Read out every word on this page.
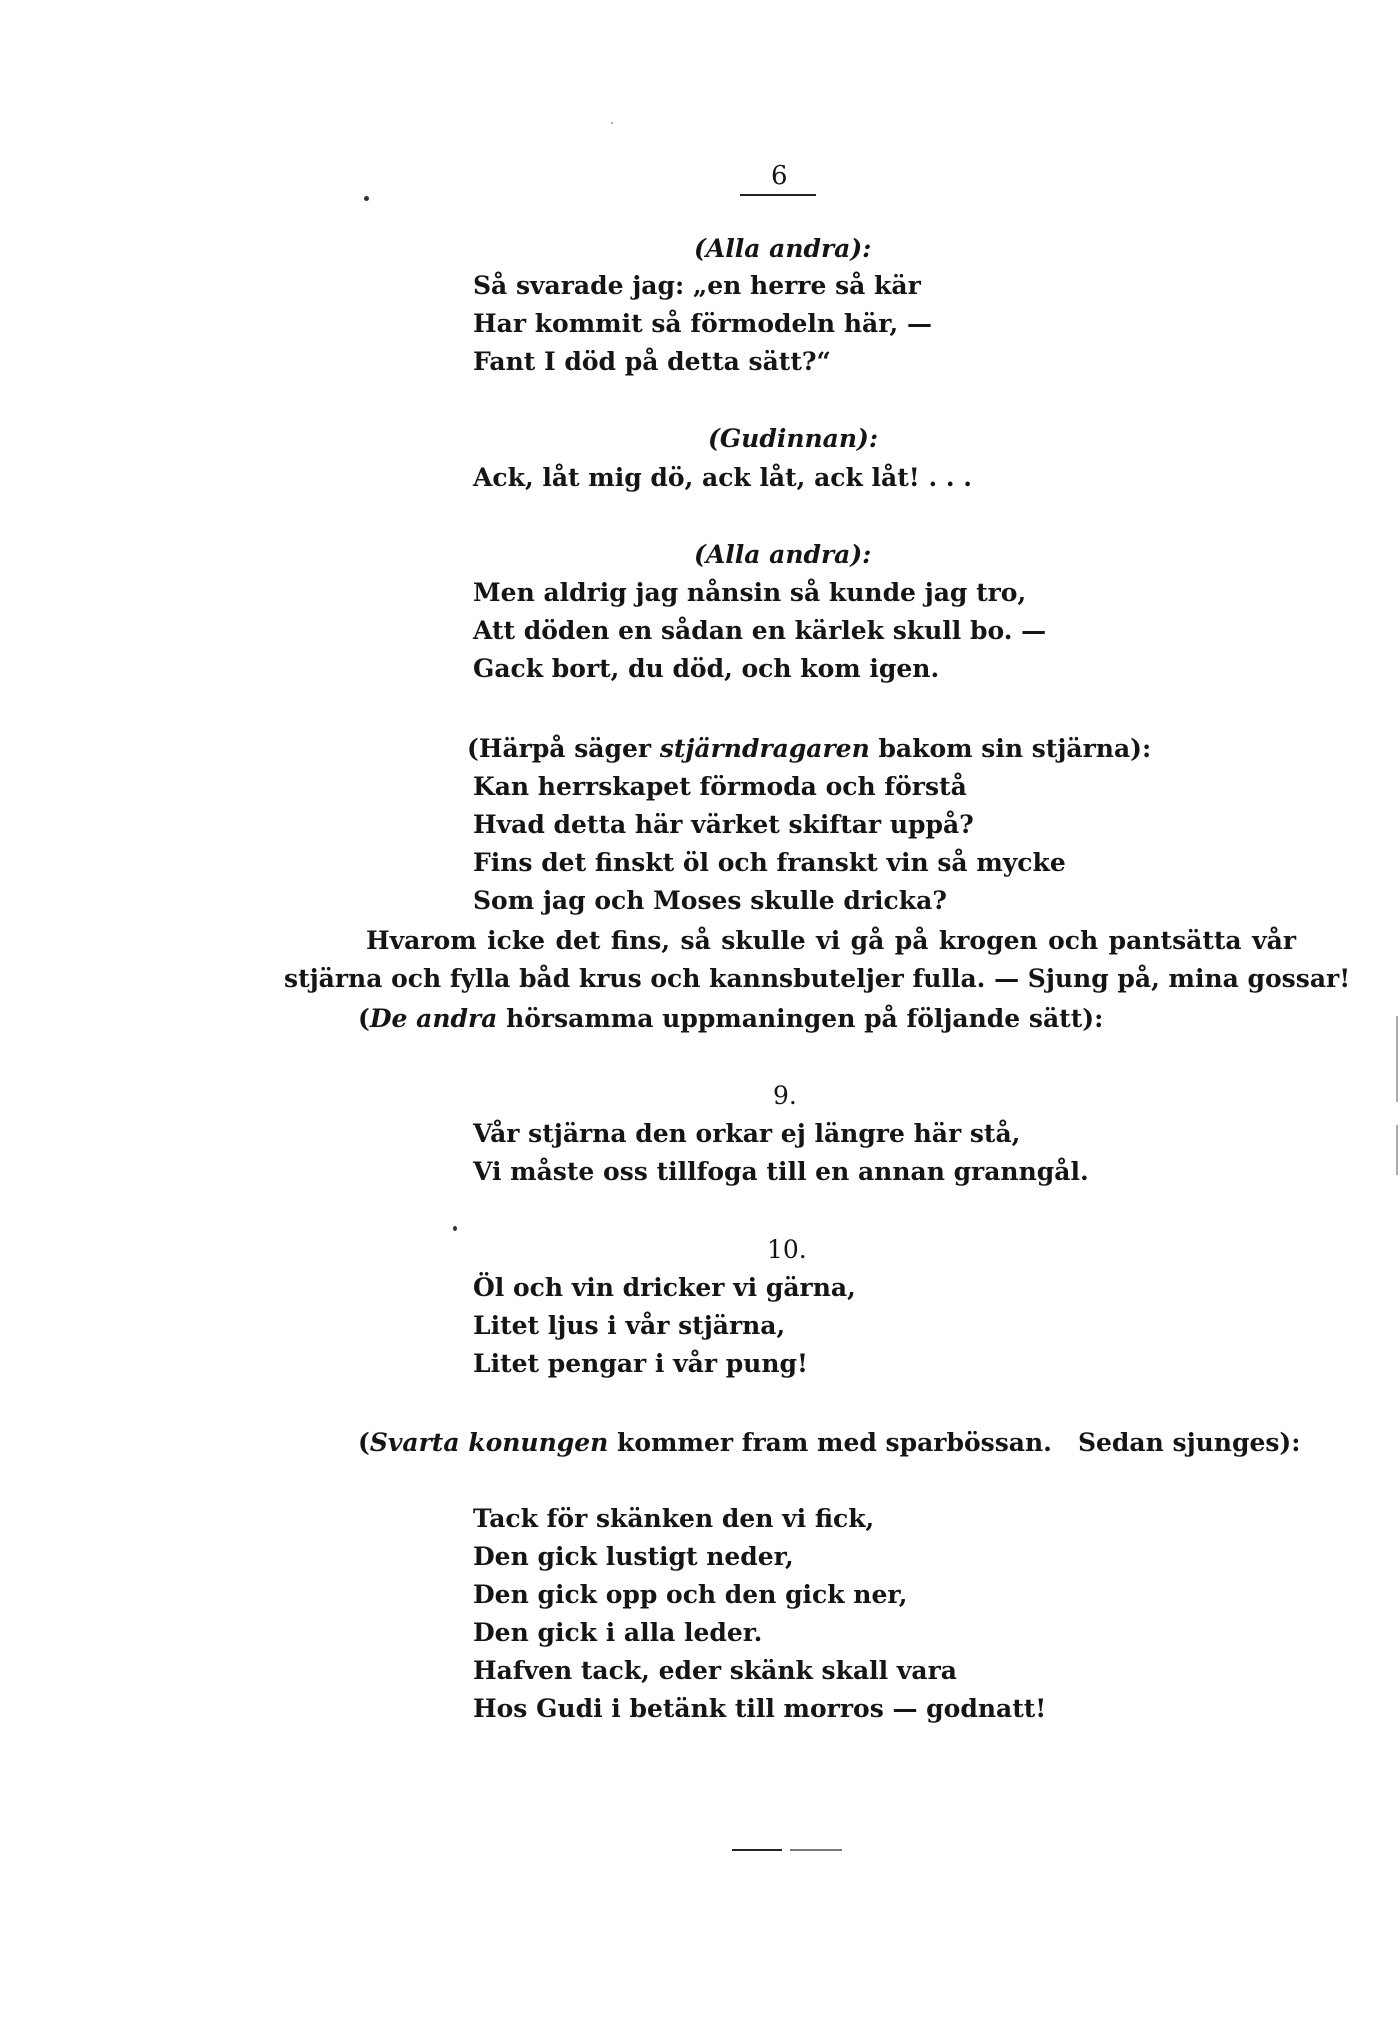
6
(Alla andra):
Så svarade jag: „en herre så kär
Har kommit så förmodeln här, —
Fant I död på detta sätt?“
(Gudinnan):
Ack, låt mig dö, ack låt, ack låt! . . .
(Alla andra):
Men aldrig jag nånsin så kunde jag tro,
Att döden en sådan en kärlek skull bo. —
Gack bort, du död, och kom igen.
(Härpå säger stjärndragaren bakom sin stjärna):
Kan herrskapet förmoda och förstå
Hvad detta här värket skiftar uppå?
Fins det finskt öl och franskt vin så mycke
Som jag och Moses skulle dricka?
Hvarom icke det fins, så skulle vi gå på krogen och pantsätta vår
stjärna och fylla båd krus och kannsbuteljer fulla. — Sjung på, mina gossar!
(De andra hörsamma uppmaningen på följande sätt):
9.
Vår stjärna den orkar ej längre här stå,
Vi måste oss tillfoga till en annan granngål.
10.
Öl och vin dricker vi gärna,
Litet ljus i vår stjärna,
Litet pengar i vår pung!
(Svarta konungen kommer fram med sparbössan.   Sedan sjunges):
Tack för skänken den vi fick,
Den gick lustigt neder,
Den gick opp och den gick ner,
Den gick i alla leder.
Hafven tack, eder skänk skall vara
Hos Gudi i betänk till morros — godnatt!
